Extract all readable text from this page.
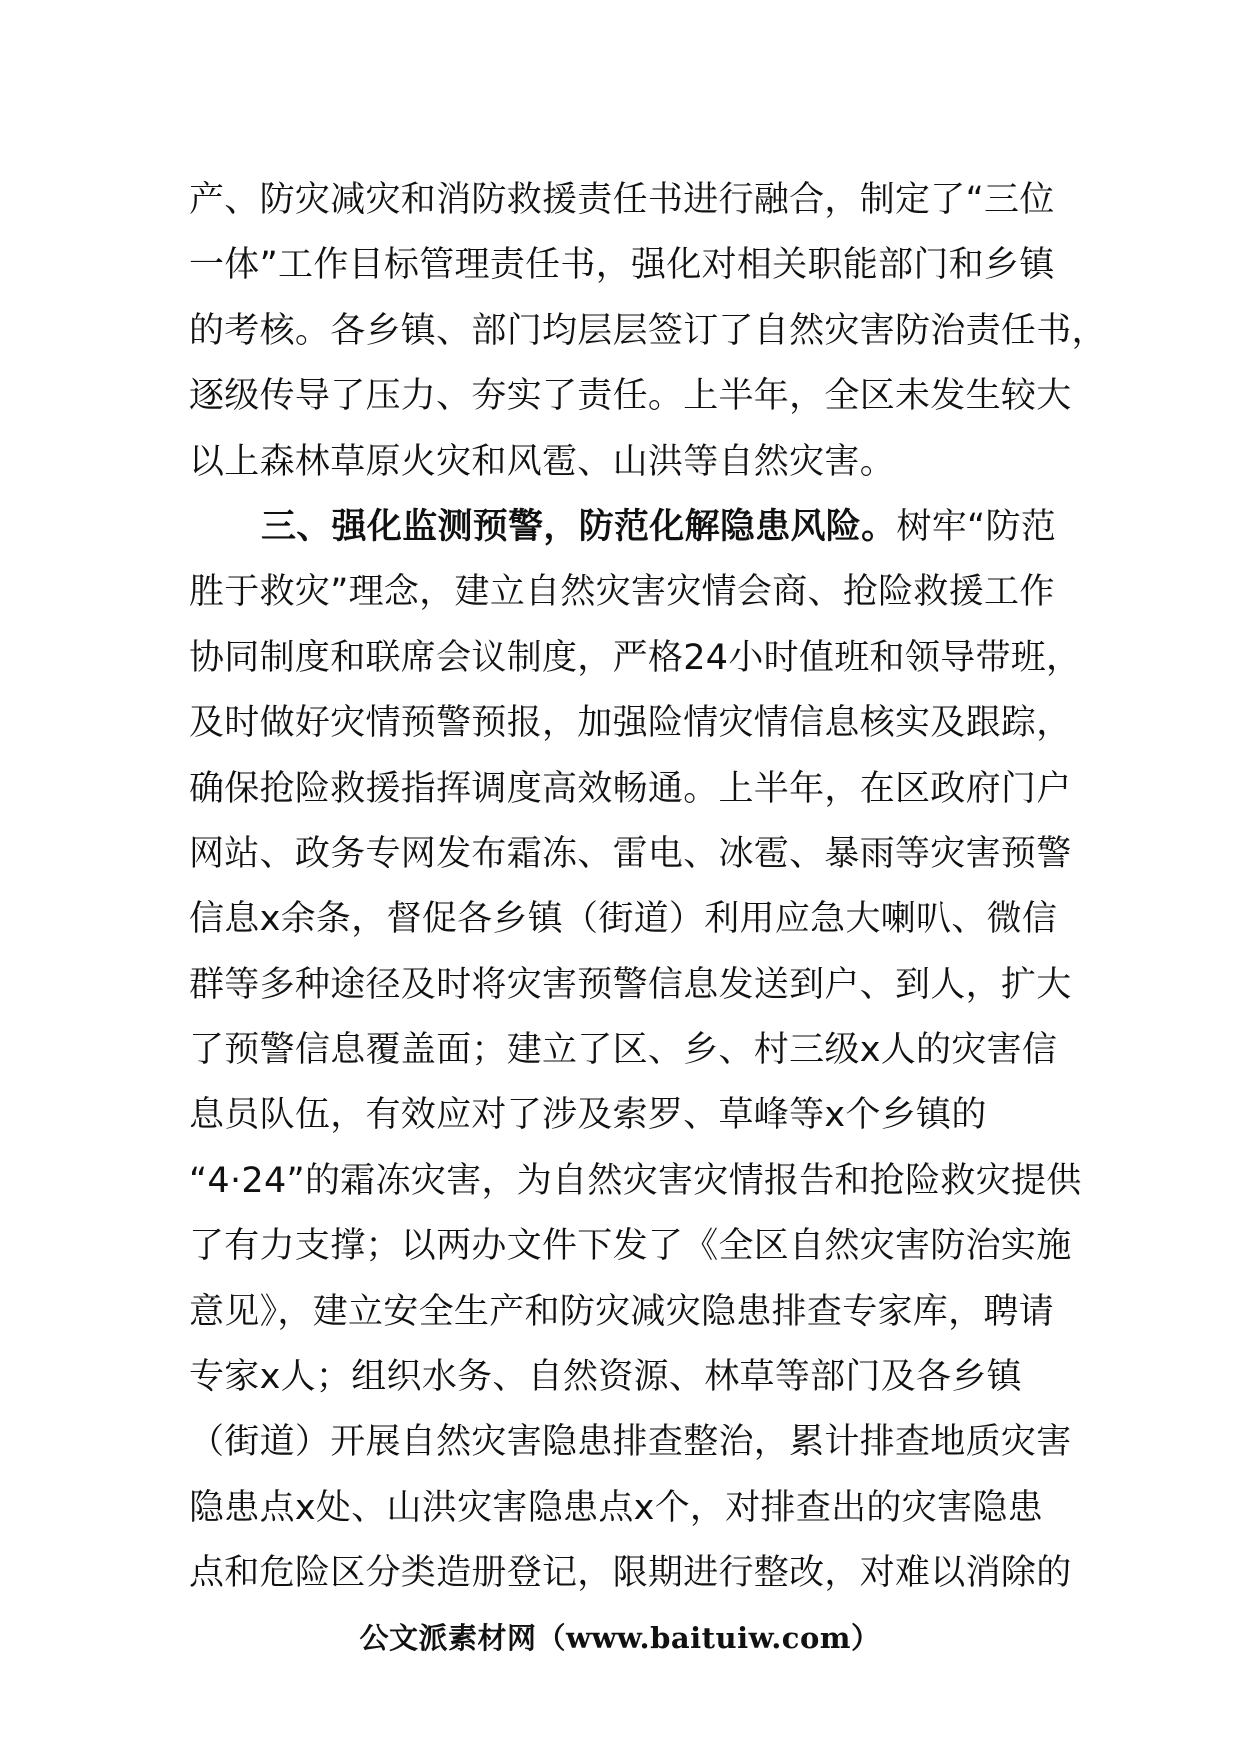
产、防灾减灾和消防救援责任书进行融合，制定了“三位
一体”工作目标管理责任书，强化对相关职能部门和乡镇
的考核。各乡镇、部门均层层签订了自然灾害防治责任书，
逐级传导了压力、夯实了责任。上半年，全区未发生较大
以上森林草原火灾和风雹、山洪等自然灾害。
三、强化监测预警，防范化解隐患风险。树牢“防范
胜于救灾”理念，建立自然灾害灾情会商、抢险救援工作
协同制度和联席会议制度，严格24小时值班和领导带班，
及时做好灾情预警预报，加强险情灾情信息核实及跟踪，
确保抢险救援指挥调度高效畅通。上半年，在区政府门户
网站、政务专网发布霜冻、雷电、冰雹、暴雨等灾害预警
信息x余条，督促各乡镇（街道）利用应急大喇叭、微信
群等多种途径及时将灾害预警信息发送到户、到人，扩大
了预警信息覆盖面；建立了区、乡、村三级x人的灾害信
息员队伍，有效应对了涉及索罗、草峰等x个乡镇的
“4·24”的霜冻灾害，为自然灾害灾情报告和抢险救灾提供
了有力支撑；以两办文件下发了《全区自然灾害防治实施
意见》，建立安全生产和防灾减灾隐患排查专家库，聘请
专家x人；组织水务、自然资源、林草等部门及各乡镇
（街道）开展自然灾害隐患排查整治，累计排查地质灾害
隐患点x处、山洪灾害隐患点x个，对排查出的灾害隐患
点和危险区分类造册登记，限期进行整改，对难以消除的
公文派素材网（www.baituiw.com）
